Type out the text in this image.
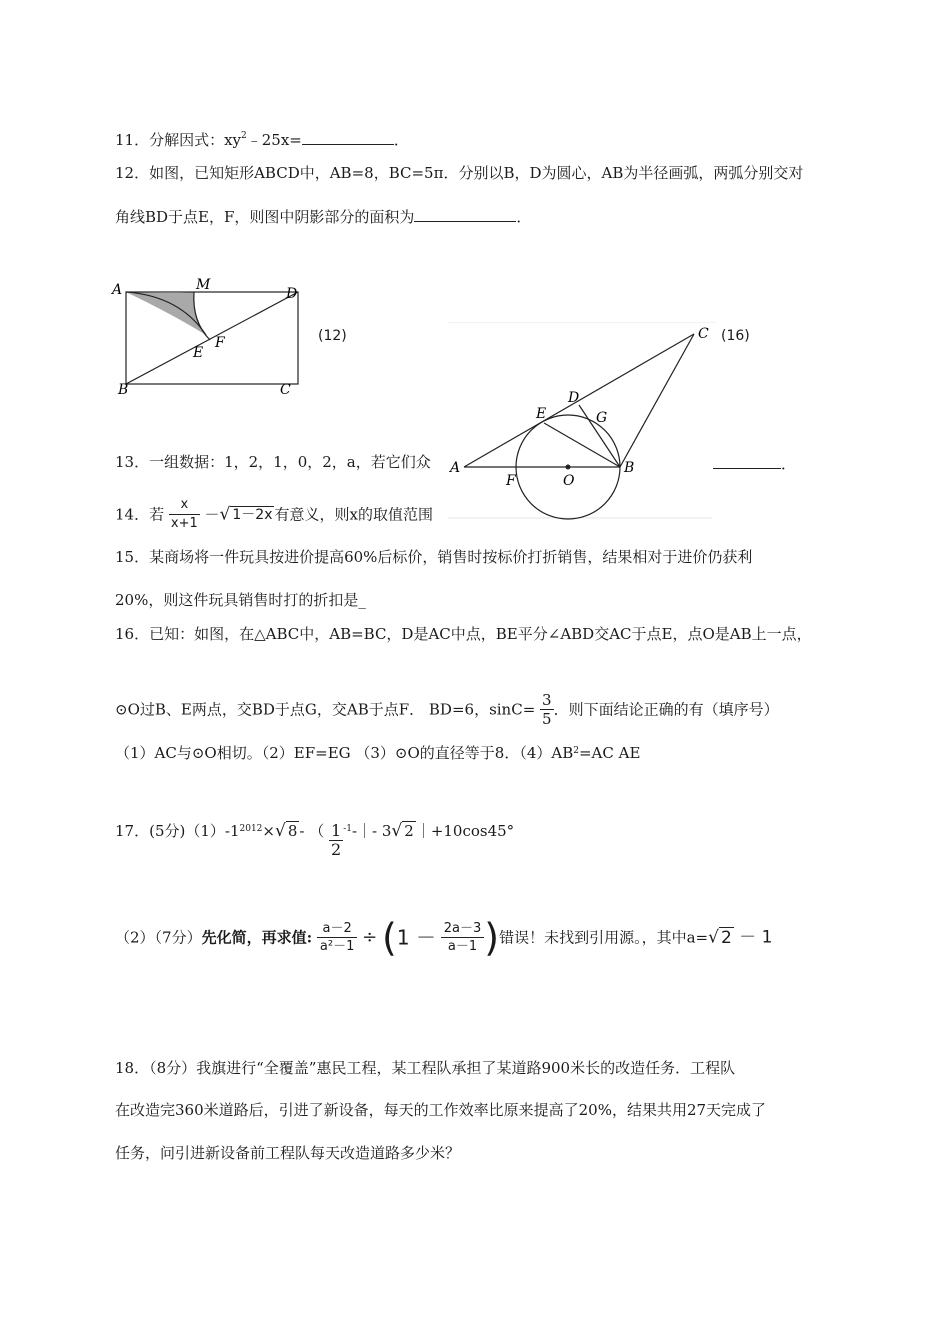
11．分解因式：$xy^2﹣25x=$	．
12．如图，已知矩形ABCD中，AB=8，BC=5π．分别以B，D为圆心，AB为半径画弧，两弧分别交对
角线BD于点E，F，则图中阴影部分的面积为	．
A	M
D
E
F
B	C
(12)	C
D
E	G
A
F	O
B
(16)
13．一组数据：1，2，1，0，2，a，若它们众	．
14．若 $\frac{x}{x+1}$ －√ 1－2x 有意义，则x的取值范围
15．某商场将一件玩具按进价提高60%后标价，销售时按标价打折销售，结果相对于进价仍获利
20%，则这件玩具销售时打的折扣是_
16．已知：如图，在△ABC中，AB=BC，D是AC中点，BE平分∠ABD交AC于点E，点O是AB上一点，
⊙O过B、E两点，交BD于点G，交AB于点F． BD=6，$\sin C= \frac{3}{5}$ ．则下面结论正确的有（填序号）
（1）AC与⊙O相切。（2）EF=EG （3）⊙O的直径等于8．$(4)AB^2=AC$ AE
17．(5分)$(1)-1^{2012}\times√$ 8 - （ $\frac{1}{2}$ $^{-1}$-｜- 3√ 2 ｜+10cos45°
（2）（7分）先化简，再求值: $\frac{a-2}{\text{a²－1}} \div (1 - \frac{2a-3}{a-1}$ )错误！未找到引用源。，其中a=√ 2 － 1
18．（8分）我旗进行“全覆盖”惠民工程，某工程队承担了某道路900米长的改造任务．工程队
在改造完360米道路后，引进了新设备，每天的工作效率比原来提高了20%，结果共用27天完成了
任务，问引进新设备前工程队每天改造道路多少米？
